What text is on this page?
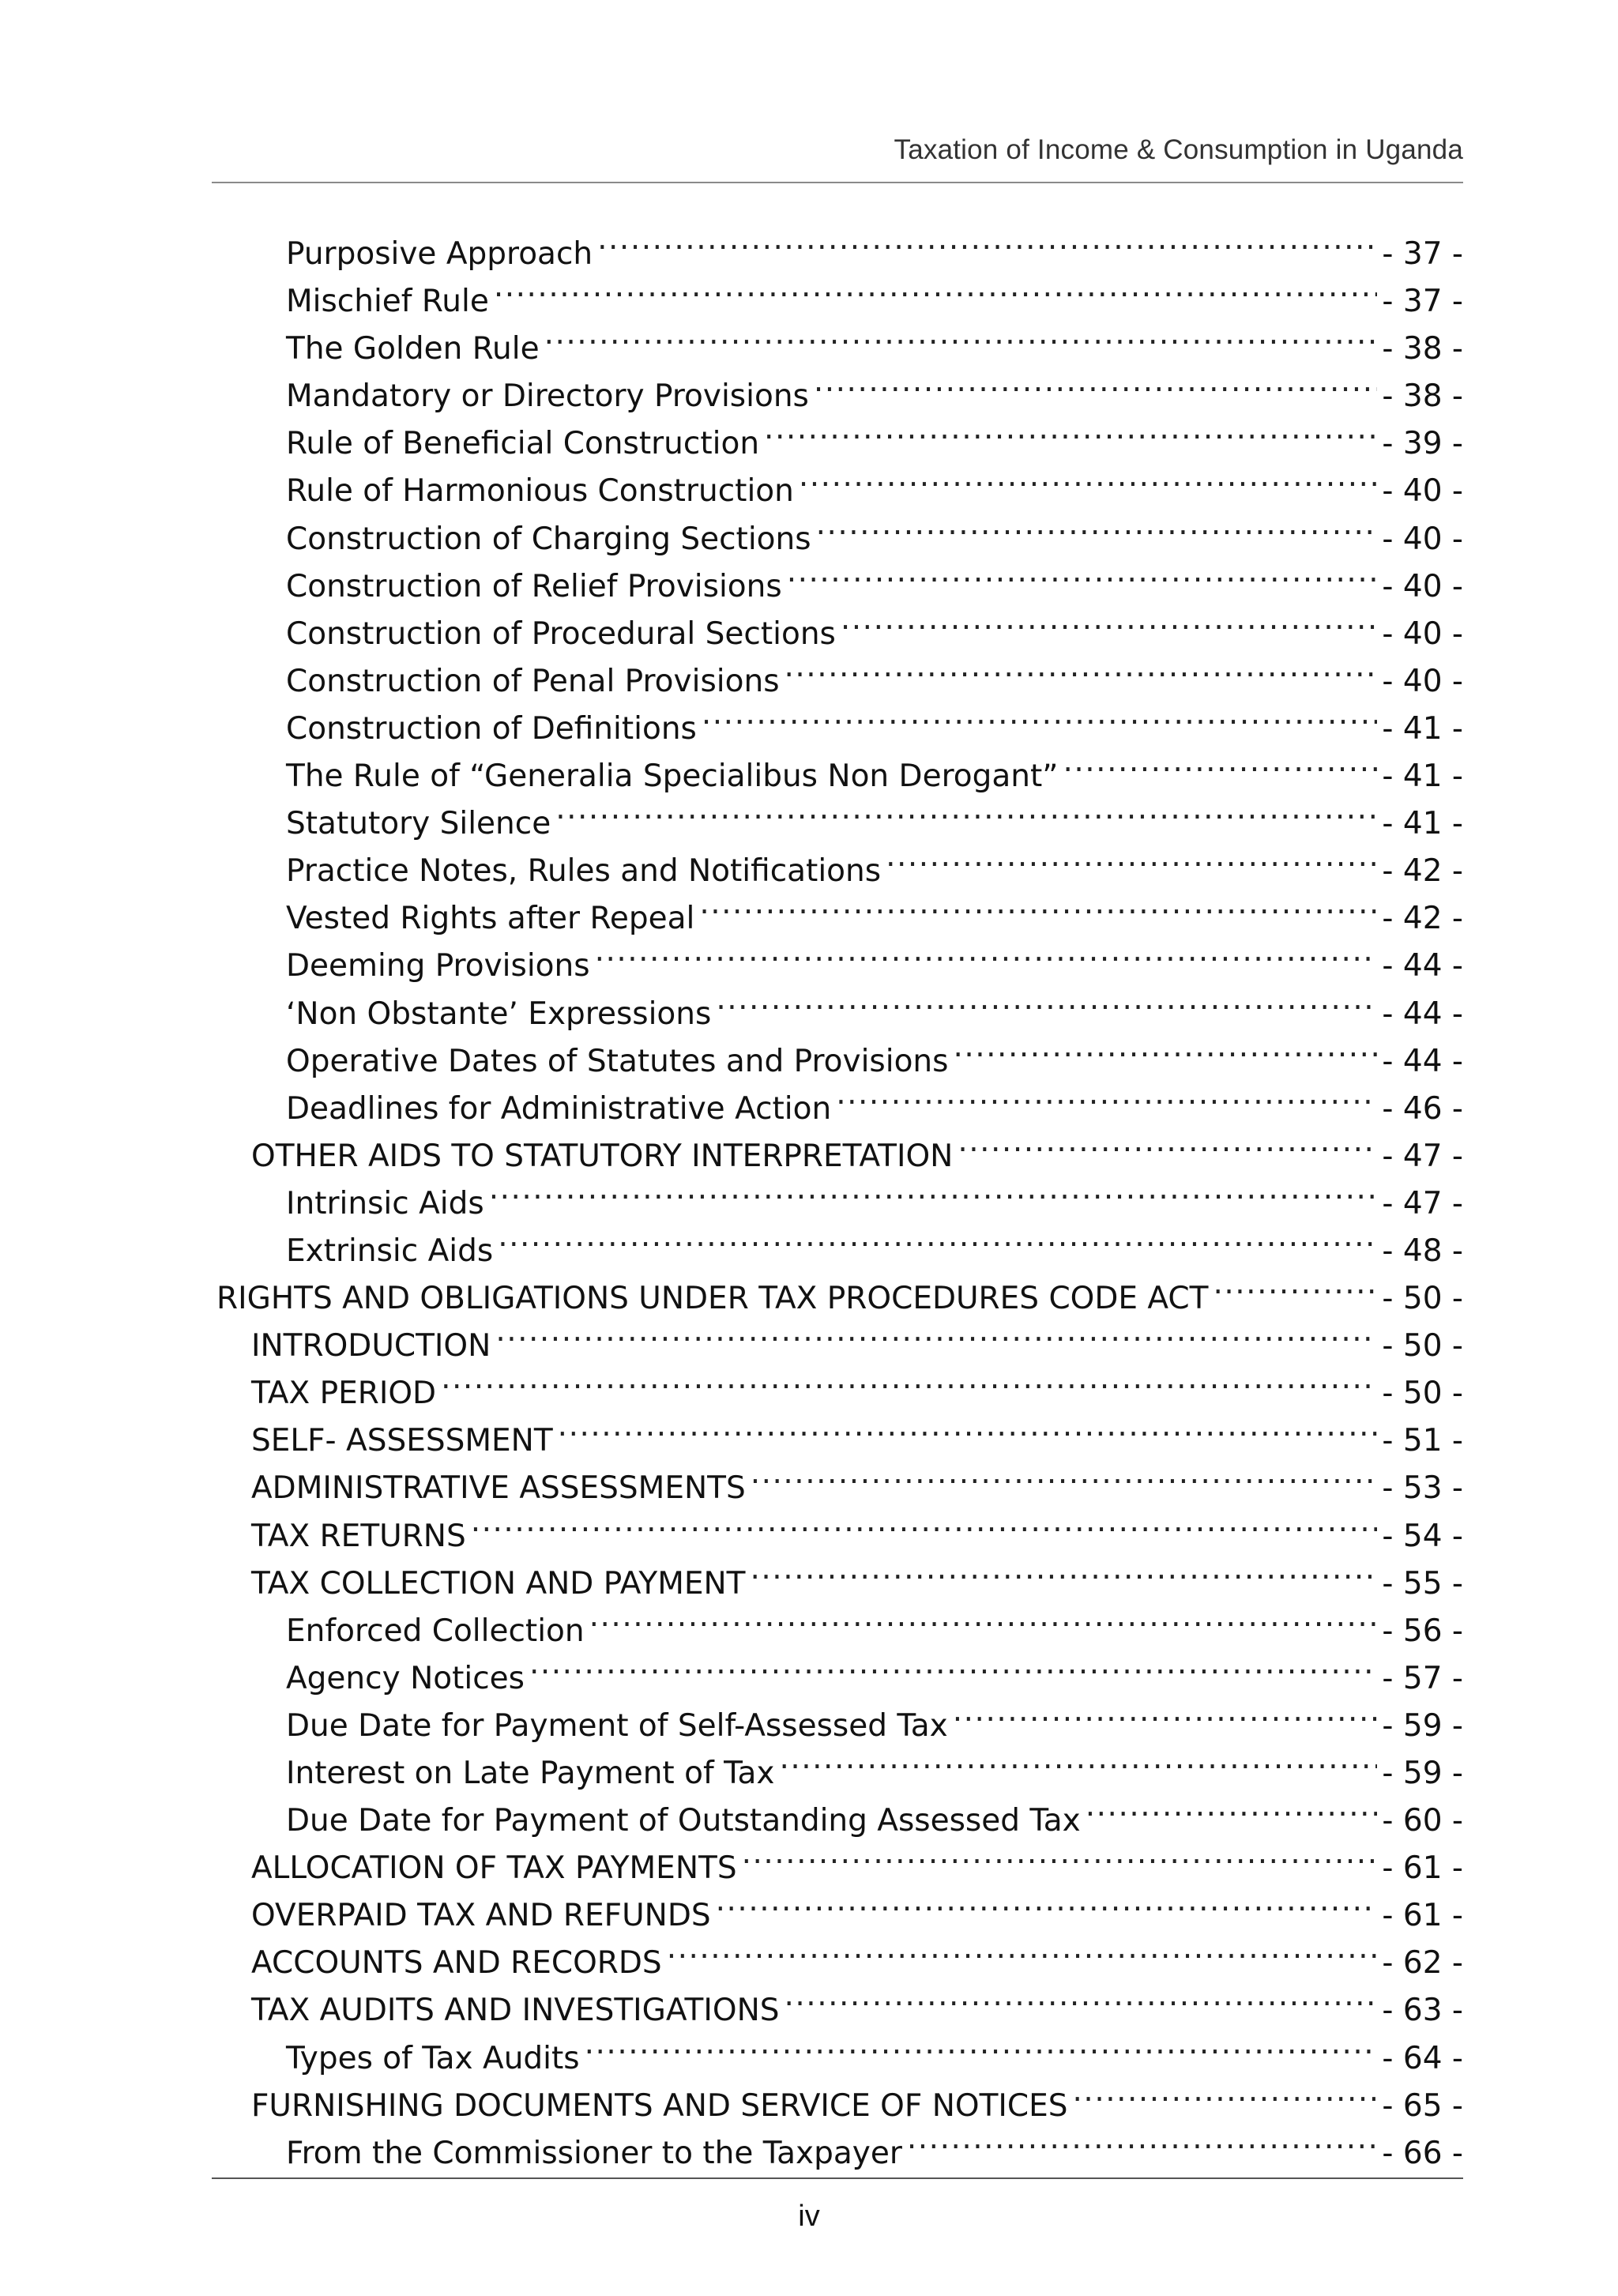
Taxation of Income & Consumption in Uganda
Purposive Approach .....	- 37 -
Mischief Rule .....	- 37 -
The Golden Rule .....	- 38 -
Mandatory or Directory Provisions .....	- 38 -
Rule of Beneficial Construction .....	- 39 -
Rule of Harmonious Construction .....	- 40 -
Construction of Charging Sections .....	- 40 -
Construction of Relief Provisions .....	- 40 -
Construction of Procedural Sections .....	- 40 -
Construction of Penal Provisions .....	- 40 -
Construction of Definitions .....	- 41 -
The Rule of “Generalia Specialibus Non Derogant” .....	- 41 -
Statutory Silence .....	- 41 -
Practice Notes, Rules and Notifications .....	- 42 -
Vested Rights after Repeal .....	- 42 -
Deeming Provisions .....	- 44 -
‘Non Obstante’ Expressions .....	- 44 -
Operative Dates of Statutes and Provisions .....	- 44 -
Deadlines for Administrative Action .....	- 46 -
OTHER AIDS TO STATUTORY INTERPRETATION .....	- 47 -
Intrinsic Aids .....	- 47 -
Extrinsic Aids .....	- 48 -
RIGHTS AND OBLIGATIONS UNDER TAX PROCEDURES CODE ACT .....	- 50 -
INTRODUCTION .....	- 50 -
TAX PERIOD .....	- 50 -
SELF- ASSESSMENT .....	- 51 -
ADMINISTRATIVE ASSESSMENTS .....	- 53 -
TAX RETURNS .....	- 54 -
TAX COLLECTION AND PAYMENT .....	- 55 -
Enforced Collection .....	- 56 -
Agency Notices .....	- 57 -
Due Date for Payment of Self-Assessed Tax .....	- 59 -
Interest on Late Payment of Tax .....	- 59 -
Due Date for Payment of Outstanding Assessed Tax .....	- 60 -
ALLOCATION OF TAX PAYMENTS .....	- 61 -
OVERPAID TAX AND REFUNDS .....	- 61 -
ACCOUNTS AND RECORDS .....	- 62 -
TAX AUDITS AND INVESTIGATIONS .....	- 63 -
Types of Tax Audits .....	- 64 -
FURNISHING DOCUMENTS AND SERVICE OF NOTICES .....	- 65 -
From the Commissioner to the Taxpayer .....	- 66 -
iv
